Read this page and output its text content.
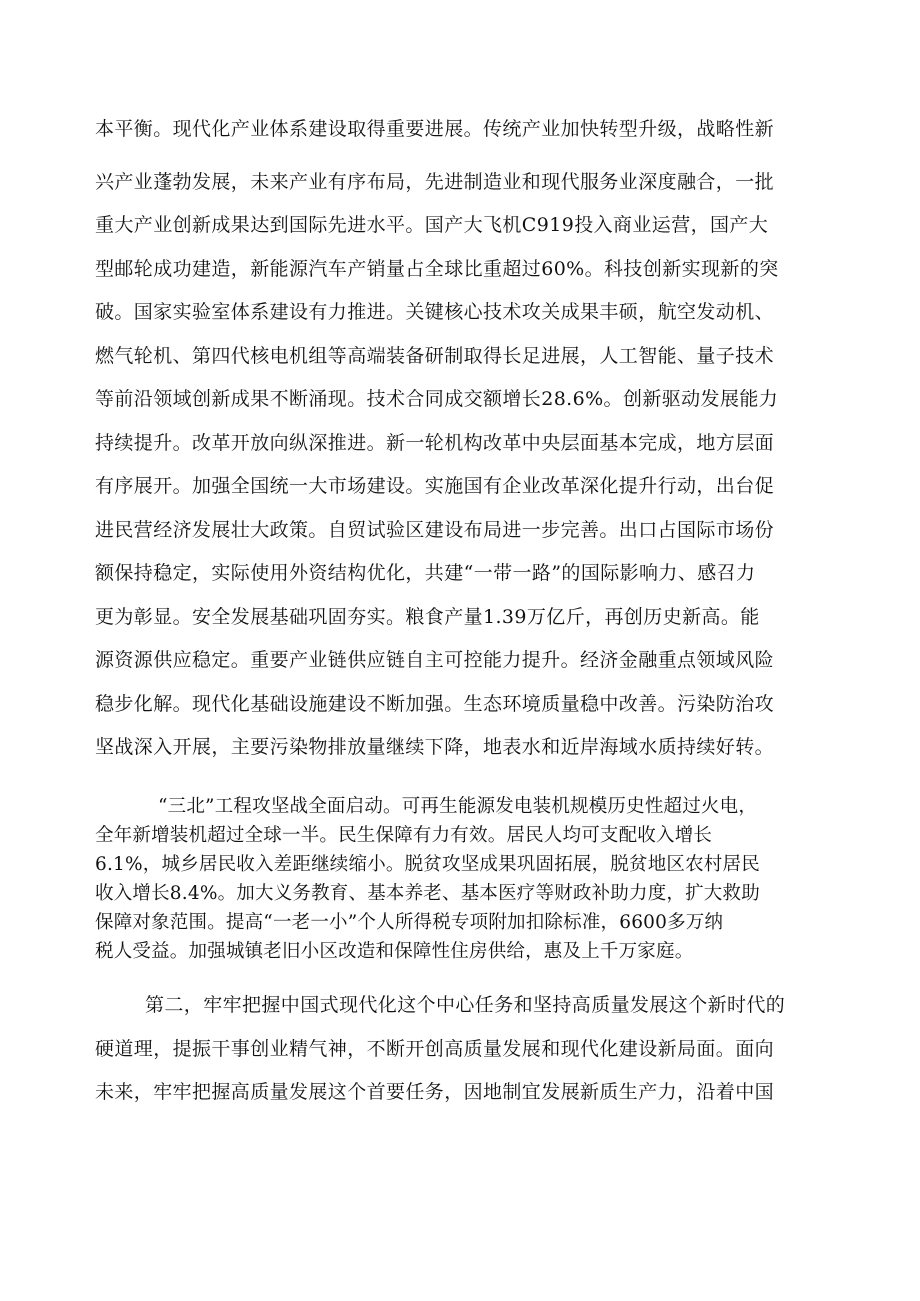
本平衡。现代化产业体系建设取得重要进展。传统产业加快转型升级，战略性新
兴产业蓬勃发展，未来产业有序布局，先进制造业和现代服务业深度融合，一批
重大产业创新成果达到国际先进水平。国产大飞机C919投入商业运营，国产大
型邮轮成功建造，新能源汽车产销量占全球比重超过60%。科技创新实现新的突
破。国家实验室体系建设有力推进。关键核心技术攻关成果丰硕，航空发动机、
燃气轮机、第四代核电机组等高端装备研制取得长足进展，人工智能、量子技术
等前沿领域创新成果不断涌现。技术合同成交额增长28.6%。创新驱动发展能力
持续提升。改革开放向纵深推进。新一轮机构改革中央层面基本完成，地方层面
有序展开。加强全国统一大市场建设。实施国有企业改革深化提升行动，出台促
进民营经济发展壮大政策。自贸试验区建设布局进一步完善。出口占国际市场份
额保持稳定，实际使用外资结构优化，共建“一带一路”的国际影响力、感召力
更为彰显。安全发展基础巩固夯实。粮食产量1.39万亿斤，再创历史新高。能
源资源供应稳定。重要产业链供应链自主可控能力提升。经济金融重点领域风险
稳步化解。现代化基础设施建设不断加强。生态环境质量稳中改善。污染防治攻
坚战深入开展，主要污染物排放量继续下降，地表水和近岸海域水质持续好转。
“三北”工程攻坚战全面启动。可再生能源发电装机规模历史性超过火电，
全年新增装机超过全球一半。民生保障有力有效。居民人均可支配收入增长
6.1%，城乡居民收入差距继续缩小。脱贫攻坚成果巩固拓展，脱贫地区农村居民
收入增长8.4%。加大义务教育、基本养老、基本医疗等财政补助力度，扩大救助
保障对象范围。提高“一老一小”个人所得税专项附加扣除标准，6600多万纳
税人受益。加强城镇老旧小区改造和保障性住房供给，惠及上千万家庭。
第二，牢牢把握中国式现代化这个中心任务和坚持高质量发展这个新时代的
硬道理，提振干事创业精气神，不断开创高质量发展和现代化建设新局面。面向
未来，牢牢把握高质量发展这个首要任务，因地制宜发展新质生产力，沿着中国
